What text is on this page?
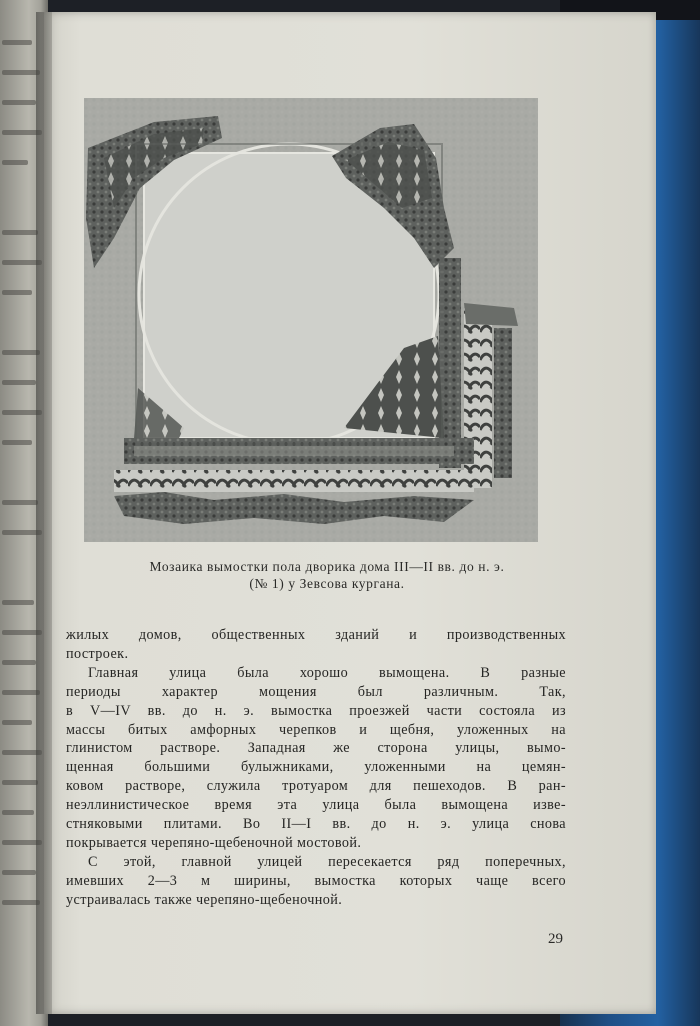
Мозаика вымостки пола дворика дома III—II вв. до н. э.
(№ 1) у Зевсова кургана.
жилых домов, общественных зданий и производственных
построек.
Главная улица была хорошо вымощена. В разные
периоды характер мощения был различным. Так,
в V—IV вв. до н. э. вымостка проезжей части состояла из
массы битых амфорных черепков и щебня, уложенных на
глинистом растворе. Западная же сторона улицы, вымо-
щенная большими булыжниками, уложенными на цемян-
ковом растворе, служила тротуаром для пешеходов. В ран-
неэллинистическое время эта улица была вымощена изве-
стняковыми плитами. Во II—I вв. до н. э. улица снова
покрывается черепяно-щебеночной мостовой.
С этой, главной улицей пересекается ряд поперечных,
имевших 2—3 м ширины, вымостка которых чаще всего
устраивалась также черепяно-щебеночной.
29
